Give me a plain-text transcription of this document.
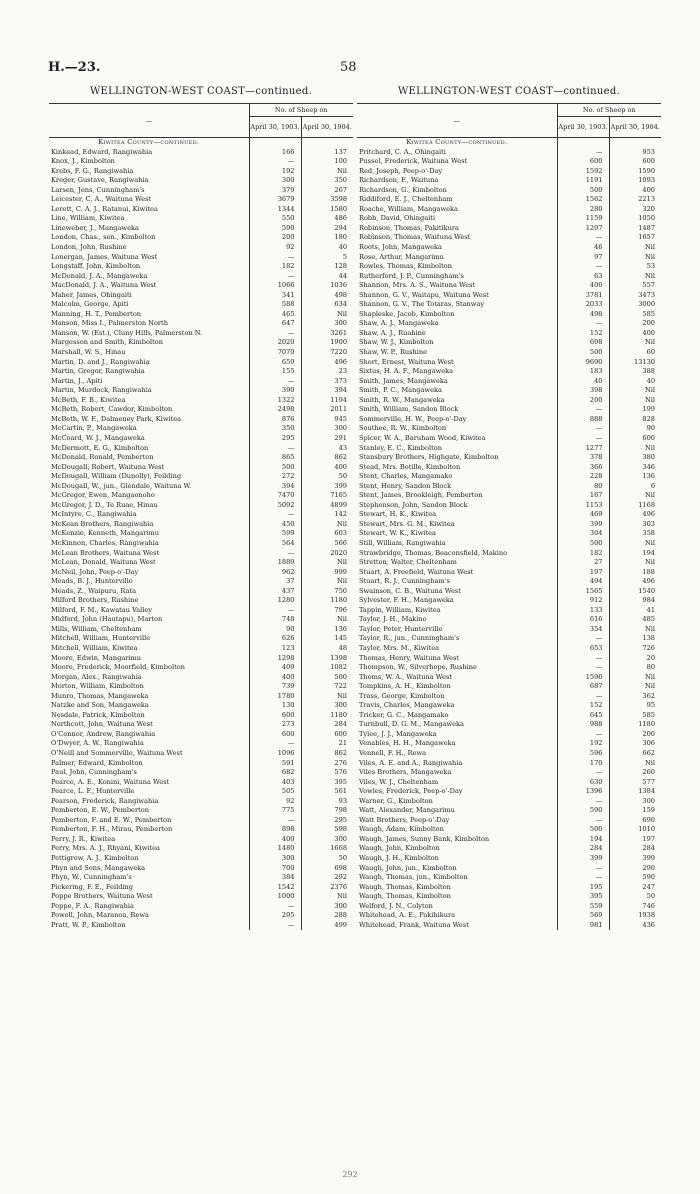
H.—23.	58
WELLINGTON-WEST COAST—continued.
—	No. of Sheep on	
	April 30, 1903.	April 30, 1904.
Kiwitea County—continued.		
Kinkead, Edward, Rangiwahia	166	137
Knox, J., Kimbolton	—	100
Krebs, F. G., Rangiwahia	192	Nil
Kreger, Gustave, Rangiwahia	300	350
Larsen, Jens, Cunningham's	379	267
Leicester, C. A., Waituna West	3679	3598
Lerett, C. A. J., Ratanui, Kiwitea	1344	1580
Line, William, Kiwitea	550	486
Lineweber, J., Mangaweka	590	294
London, Chas., sen., Kimbolton	200	180
London, John, Rushine	92	40
Lonergan, James, Waituna West	—	5
Longstaff, John, Kimbolton	182	128
McDonald, J. A., Mangaweka	—	44
MacDonald, J. A., Waituna West	1066	1036
Maher, James, Ohingaiti	341	498
Malcolm, George, Apiti	588	634
Manning, H. T., Pemberton	465	Nil
Manson, Miss I., Palmerston North	647	300
Manson, W. (Est.), Cluny Hills, Palmerston N.	—	3261
Margesson and Smith, Kimbolton	2020	1900
Marshall, W. S., Hinau	7070	7220
Martin, D. and J., Rangiwahia	659	496
Martin, Gregor, Rangiwahia	155	23
Martin, J., Apiti	—	373
Martin, Murdock, Rangiwahia	390	394
McBeth, F. B., Kiwitea	1322	1194
McBeth, Robert, Cawdor, Kimbolton	2498	2011
McBeth, W. F., Dalmeney Park, Kiwitea	876	945
McCartin, P., Mangaweka	350	300
McCoard, W. J., Mangaweka	295	291
McDermott, E. G., Kimbolton	—	43
McDonald, Ronald, Pemberton	865	862
McDougall, Robert, Waituna West	500	400
McDougall, William (Dunolly), Feilding	272	50
McDougall, W., jun., Glendale, Waituna W.	394	399
McGregor, Ewen, Mangaonoho	7470	7165
McGregor, J. D., Te Ruae, Hinau	5092	4899
McIntyre, C., Rangiwahia	—	142
McKean Brothers, Rangiwahia	450	Nil
McKenzie, Kenneth, Mangarimu	599	603
McKinnon, Charles, Rangiwahia	564	566
McLean Brothers, Waituna West	—	2020
McLean, Donald, Waituna West	1889	Nil
McNeil, John, Peep-o'-Day	962	999
Meads, B. J., Hunterville	37	Nil
Meads, Z., Waipuru, Rata	437	750
Milford Brothers, Rushine	1280	1180
Milford, F. M., Kawatau Valley	—	796
Midford, John (Hautapu), Marton	748	Nil
Mills, William, Cheltenham	90	136
Mitchell, William, Hunterville	626	145
Mitchell, William, Kiwitea	123	48
Moore, Edwin, Mangarimu	1298	1398
Moore, Frederick, Moorfield, Kimbolton	409	1082
Morgan, Alex., Rangiwahia	400	500
Morton, William, Kimbolton	739	722
Munro, Thomas, Mangaweka	1780	Nil
Natzke and Son, Mangaweka	130	300
Nesdale, Patrick, Kimbolton	600	1180
Northcott, John, Waituna West	273	284
O'Connor, Andrew, Rangiwahia	600	600
O'Dwyer, A. W., Rangiwahia	—	21
O'Neill and Sommerville, Waituna West	1096	862
Palmer, Edward, Kimbolton	591	276
Paul, John, Cunningham's	682	576
Pearce, A. E., Konini, Waituna West	403	395
Pearce, L. F., Hunterville	505	561
Pearson, Frederick, Rangiwahia	92	93
Pemberton, E. W., Pemberton	775	798
Pemberton, F. and E. W., Pemberton	—	295
Pemberton, F. H., Mirau, Pemberton	898	598
Perry, J. R., Kiwitea	400	300
Perry, Mrs. A. J., Rhyani, Kiwitea	1480	1668
Pettigrew, A. J., Kimbolton	300	50
Phyn and Sons, Mangaweka	700	698
Phyn, W., Cunningham's	384	292
Pickering, F. E., Feilding	1542	2376
Poppe Brothers, Waituna West	1000	Nil
Poppe, F. A., Rangiwahia	—	300
Powell, John, Maranoa, Rewa	295	288
Pratt, W. P., Kimbolton	—	499
WELLINGTON-WEST COAST—continued.
—	No. of Sheep on	
	April 30, 1903.	April 30, 1904.
Kiwitea County—continued.		
Pritchard, C. A., Ohingaiti	—	953
Pussel, Frederick, Waituna West	600	600
Red, Joseph, Peep-o'-Day	1592	1590
Richardson, F., Waituna	1191	1093
Richardson, G., Kimbolton	500	400
Riddiford, E. J., Cheltenham	1562	2213
Roache, William, Mangaweka	280	320
Robb, David, Ohingaiti	1159	1050
Robinson, Thomas, Pakitikura	1297	1487
Robinson, Thomas, Waituna West	—	1657
Roots, John, Mangaweka	46	Nil
Rose, Arthur, Mangarimu	97	Nil
Rowles, Thomas, Kimbolton	—	53
Rutherford, J. P., Cunningham's	63	Nil
Shannon, Mrs. A. S., Waituna West	400	557
Shannon, G. V., Waitapu, Waituna West	3781	3473
Shannon, G. V., The Totaras, Stanway	2033	3000
Shapleske, Jacob, Kimbolton	498	585
Shaw, A. J., Mangaweka	—	200
Shaw, A. J., Ruahine	152	400
Shaw, W. J., Kimbolton	698	Nil
Shaw, W. P., Rushine	500	60
Short, Ernest, Waituna West	9690	13130
Sixtus, H. A. F., Mangaweka	183	388
Smith, James, Mangaweka	40	40
Smith, P. C., Mangaweka	398	Nil
Smith, R. W., Mangaweka	200	Nil
Smith, William, Sandon Block	—	199
Sommerville, H. W., Peep-o'-Day	888	828
Southee, R. W., Kimbolton	—	90
Spicer, W. A., Baruham Wood, Kiwitea	—	600
Stanley, E. C., Kimbolton	1277	Nil
Stansbury Brothers, Highgate, Kimbolton	378	380
Stead, Mrs. Botille, Kimbolton	366	346
Stent, Charles, Mangamako	228	136
Stent, Henry, Sandon Block	80	6
Stent, James, Brookleigh, Pemberton	167	Nil
Stephenson, John, Sandon Block	1153	1168
Stewart, H. K., Kiwitea	469	496
Stewart, Mrs. G. M., Kiwitea	399	303
Stewart, W. K., Kiwitea	304	358
Still, William, Rangiwahia	500	Nil
Strawbridge, Thomas, Beaconsfield, Makino	182	194
Stretton, Walter, Cheltenham	27	Nil
Stuart, A. Freefield, Waituna West	197	188
Stuart, R. J., Cunningham's	494	496
Swainson, C. B., Waituna West	1565	1540
Sylvester, F. H., Mangaweka	912	984
Tappin, William, Kiwitea	133	41
Taylor, J. H., Makino	616	485
Taylor, Peter, Hunterville	354	Nil
Taylor, R., jun., Cunningham's	—	138
Taylor, Mrs. M., Kiwitea	653	726
Thomas, Henry, Waituna West	—	20
Thompson, W., Silverhope, Rushine	—	80
Thoms, W. A., Waituna West	1596	Nil
Tompkins, A. H., Kimbolton	687	Nil
Trass, George, Kimbolton	—	362
Travis, Charles, Mangaweka	152	95
Tricker, G. C., Mangamako	645	585
Turnbull, D. G. M., Mangaweka	988	1180
Tylee, J. J., Mangaweka	—	200
Venables, H. H., Mangaweka	192	306
Vennell, F. H., Rewa	596	662
Viles, A. E. and A., Rangiwahia	170	Nil
Viles Brothers, Mangaweka	—	260
Viles, W. J., Cheltenham	630	577
Vowles, Frederick, Peep-o'-Day	1396	1384
Warner, G., Kimbolton	—	300
Watt, Alexander, Mangarimu	590	159
Watt Brothers, Peep-o'-Day	—	690
Waugh, Adam, Kimbolton	500	1010
Waugh, James, Sunny Bank, Kimbolton	194	197
Waugh, John, Kimbolton	284	284
Waugh, J. H., Kimbolton	399	399
Waugh, John, jun., Kimbolton	—	290
Waugh, Thomas, jun., Kimbolton	—	590
Waugh, Thomas, Kimbolton	195	247
Waugh, Thomas, Kimbolton	395	50
Welford, J. N., Colyton	559	746
Whitehead, A. E., Pakihikura	569	1938
Whitehead, Frank, Waituna West	981	436
292
